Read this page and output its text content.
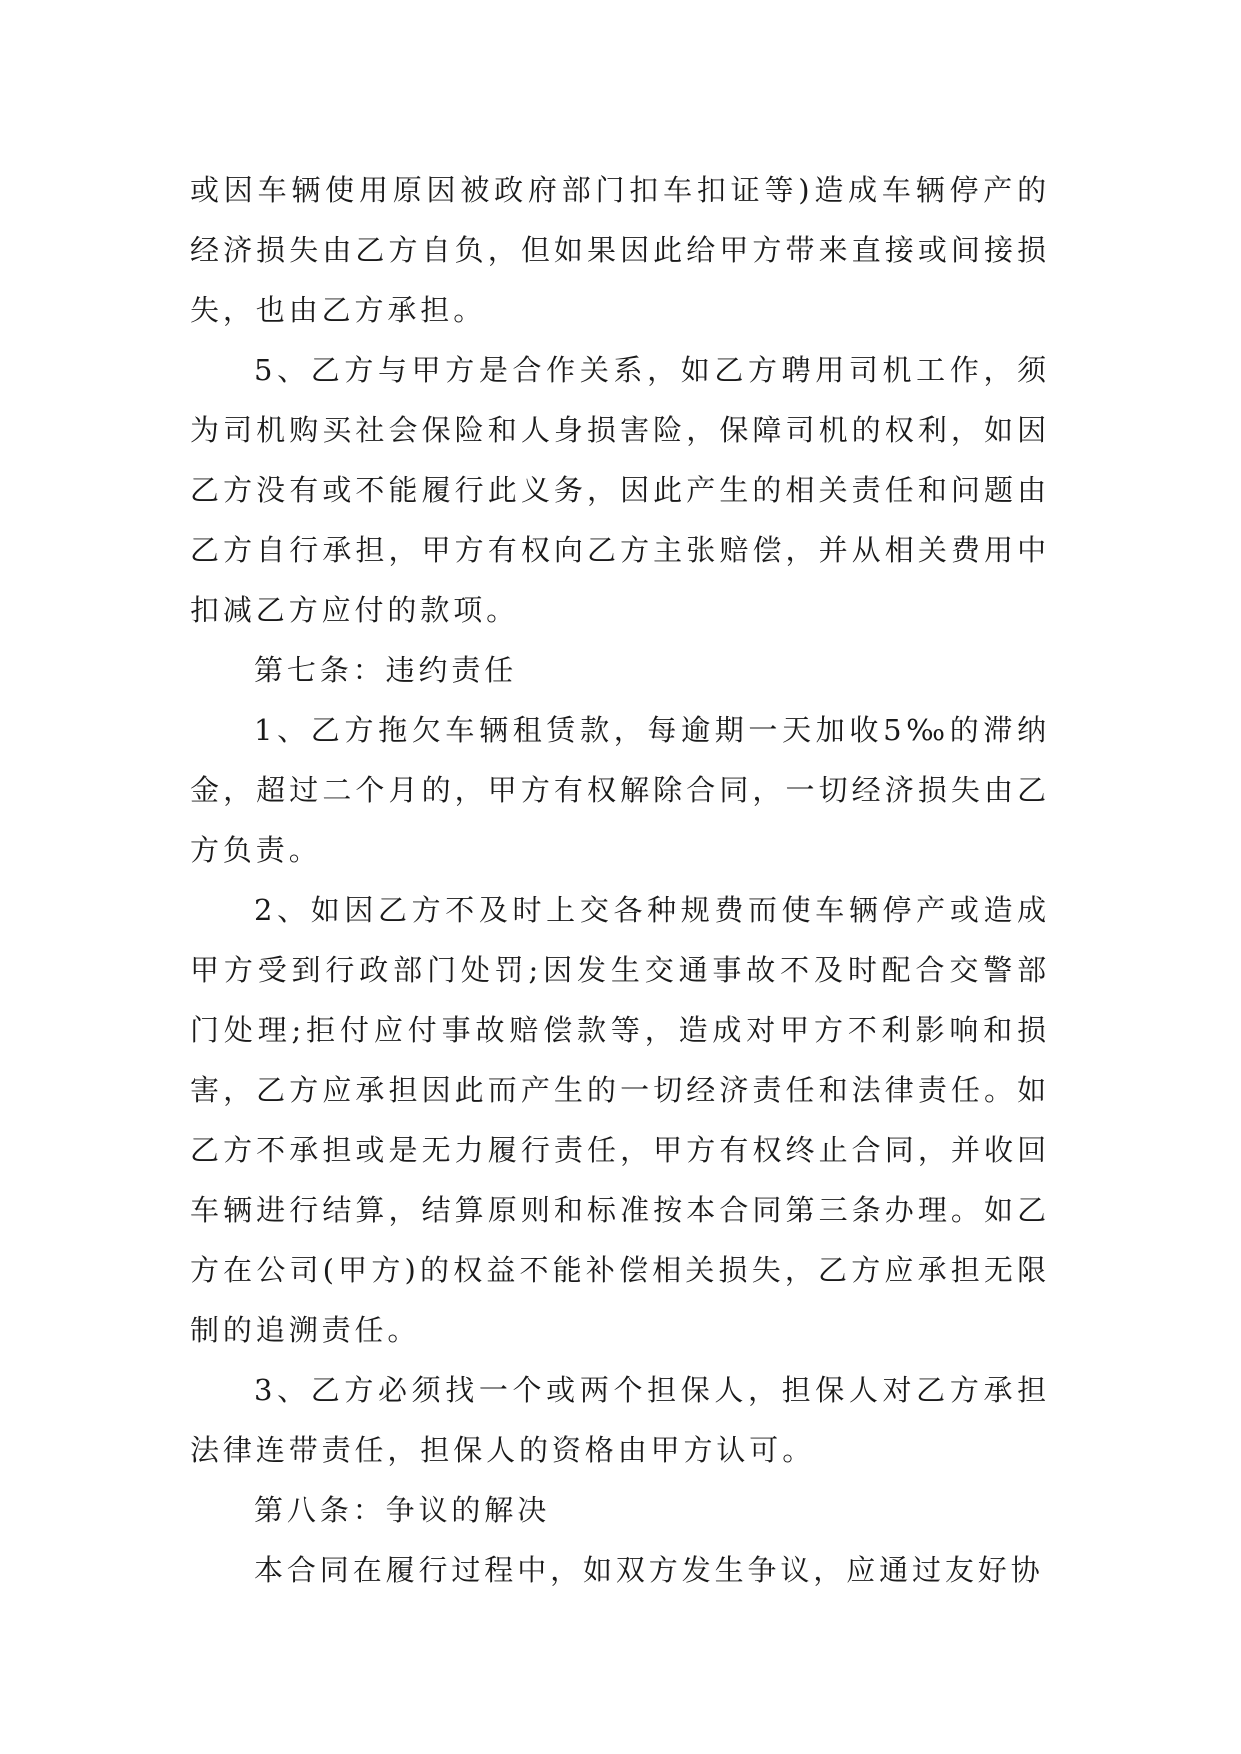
或因车辆使用原因被政府部门扣车扣证等)造成车辆停产的经济损失由乙方自负，但如果因此给甲方带来直接或间接损失，也由乙方承担。

5、乙方与甲方是合作关系，如乙方聘用司机工作，须为司机购买社会保险和人身损害险，保障司机的权利，如因乙方没有或不能履行此义务，因此产生的相关责任和问题由乙方自行承担，甲方有权向乙方主张赔偿，并从相关费用中扣减乙方应付的款项。

第七条：违约责任

1、乙方拖欠车辆租赁款，每逾期一天加收5‰的滞纳金，超过二个月的，甲方有权解除合同，一切经济损失由乙方负责。

2、如因乙方不及时上交各种规费而使车辆停产或造成甲方受到行政部门处罚;因发生交通事故不及时配合交警部门处理;拒付应付事故赔偿款等，造成对甲方不利影响和损害，乙方应承担因此而产生的一切经济责任和法律责任。如乙方不承担或是无力履行责任，甲方有权终止合同，并收回车辆进行结算，结算原则和标准按本合同第三条办理。如乙方在公司(甲方)的权益不能补偿相关损失，乙方应承担无限制的追溯责任。

3、乙方必须找一个或两个担保人，担保人对乙方承担法律连带责任，担保人的资格由甲方认可。

第八条：争议的解决

本合同在履行过程中，如双方发生争议，应通过友好协
